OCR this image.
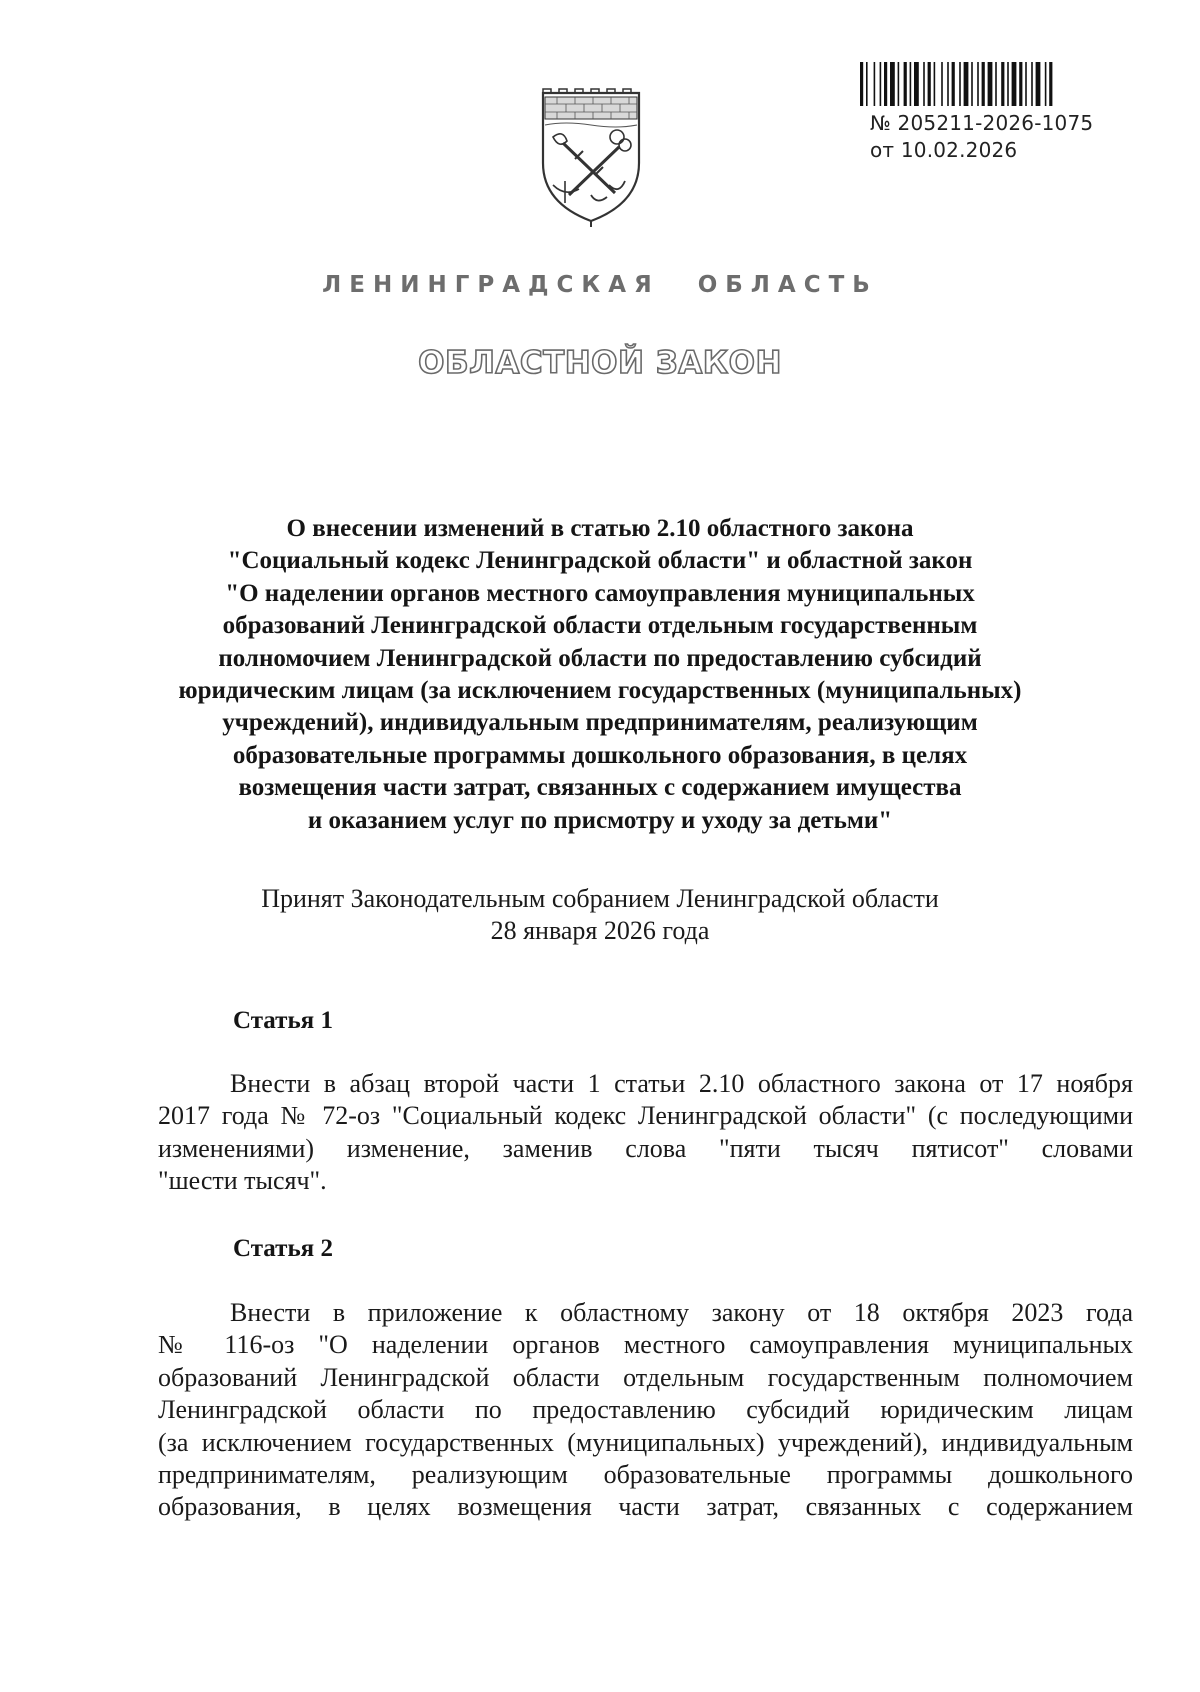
№ 205211-2026-1075
от 10.02.2026
ЛЕНИНГРАДСКАЯ ОБЛАСТЬ
ОБЛАСТНОЙ ЗАКОН
О внесении изменений в статью 2.10 областного закона
"Социальный кодекс Ленинградской области" и областной закон
"О наделении органов местного самоуправления муниципальных
образований Ленинградской области отдельным государственным
полномочием Ленинградской области по предоставлению субсидий
юридическим лицам (за исключением государственных (муниципальных)
учреждений), индивидуальным предпринимателям, реализующим
образовательные программы дошкольного образования, в целях
возмещения части затрат, связанных с содержанием имущества
и оказанием услуг по присмотру и уходу за детьми"
Принят Законодательным собранием Ленинградской области
28 января 2026 года
Статья 1
Внести в абзац второй части 1 статьи 2.10 областного закона от 17 ноября
2017 года № 72-оз "Социальный кодекс Ленинградской области" (с последующими
изменениями) изменение, заменив слова "пяти тысяч пятисот" словами
"шести тысяч".
Статья 2
Внести в приложение к областному закону от 18 октября 2023 года
№ 116-оз "О наделении органов местного самоуправления муниципальных
образований Ленинградской области отдельным государственным полномочием
Ленинградской области по предоставлению субсидий юридическим лицам
(за исключением государственных (муниципальных) учреждений), индивидуальным
предпринимателям, реализующим образовательные программы дошкольного
образования, в целях возмещения части затрат, связанных с содержанием
